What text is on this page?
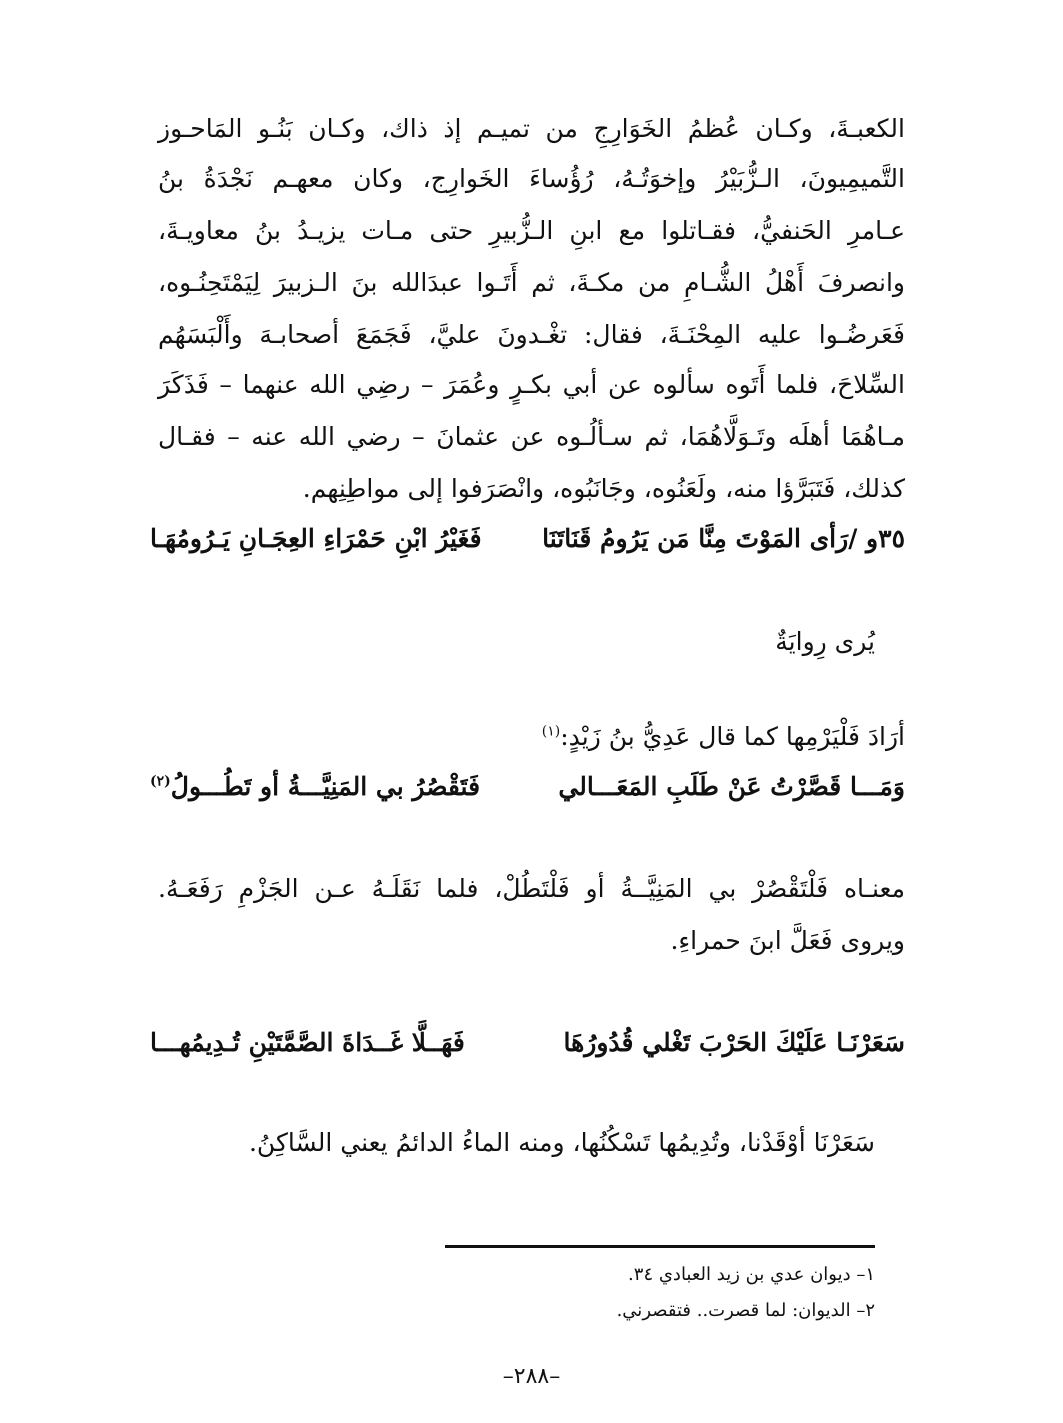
الكعبـةَ، وكـان عُظمُ الخَوَارِجِ من تميـم إذ ذاك، وكـان بَنُـو المَاحـوز
التَّميمِيونَ، الـزُّبَيْرُ وإخوَتُـهُ، رُؤُساءَ الخَوارِج، وكان معهـم نَجْدَةُ بنُ
عـامرِ الحَنفيُّ، فقـاتلوا مع ابنِ الـزُّبيرِ حتى مـات يزيـدُ بنُ معاويـةَ،
وانصرفَ أَهْلُ الشُّـامِ من مكـةَ، ثم أَتَـوا عبدَالله بنَ الـزبيرَ لِيَمْتَحِنُـوه،
فَعَرضُـوا عليه المِحْنَـةَ، فقال: تغْـدونَ عليَّ، فَجَمَعَ أصحابـهَ وأَلْبَسَهُم
السِّلاحَ، فلما أَتَوه سألوه عن أبي بكـرٍ وعُمَرَ – رضِي الله عنهما – فَذَكَرَ
مـاهُمَا أهلَه وتَـوَلَّاهُمَا، ثم سـألُـوه عن عثمانَ – رضي الله عنه – فقـال
كذلك، فَتَبَرَّؤا منه، ولَعَنُوه، وجَانَبُوه، وانْصَرَفوا إلى مواطِنِهم.
٣٥و /رَأى المَوْتَ مِنَّا مَن يَرُومُ قَنَاتَنَا
فَغَيْرُ ابْنِ حَمْرَاءِ العِجَـانِ يَـرُومُهَـا
يُرى رِوايَةٌ
أرَادَ فَلْيَرْمِها كما قال عَدِيُّ بنُ زَيْدٍ:$^{(١)}$
وَمَـــا قَصَّرْتُ عَنْ طَلَبِ المَعَـــالي
فَتَقْصُرُ بي المَنِيَّـــةُ أو تَطُـــولُ$^{(٢)}$
معنـاه فَلْتَقْصُرْ بي المَنِيَّــةُ أو فَلْتَطُلْ، فلما نَقَلَـهُ عـن الجَزْمِ رَفَعَـهُ.
ويروى فَعَلَّ ابنَ حمراءِ.
سَعَرْنَـا عَلَيْكَ الحَرْبَ تَغْلي قُدُورُهَا
فَهَــلَّا غَــدَاةَ الصَّمَّتَيْنِ تُـدِيمُهـــا
سَعَرْنَا أوْقَدْنا، وتُدِيمُها تَسْكُنُها، ومنه الماءُ الدائمُ يعني السَّاكِنُ.
١– ديوان عدي بن زيد العبادي ٣٤.
٢– الديوان: لما قصرت.. فتقصرني.
–٢٨٨–
